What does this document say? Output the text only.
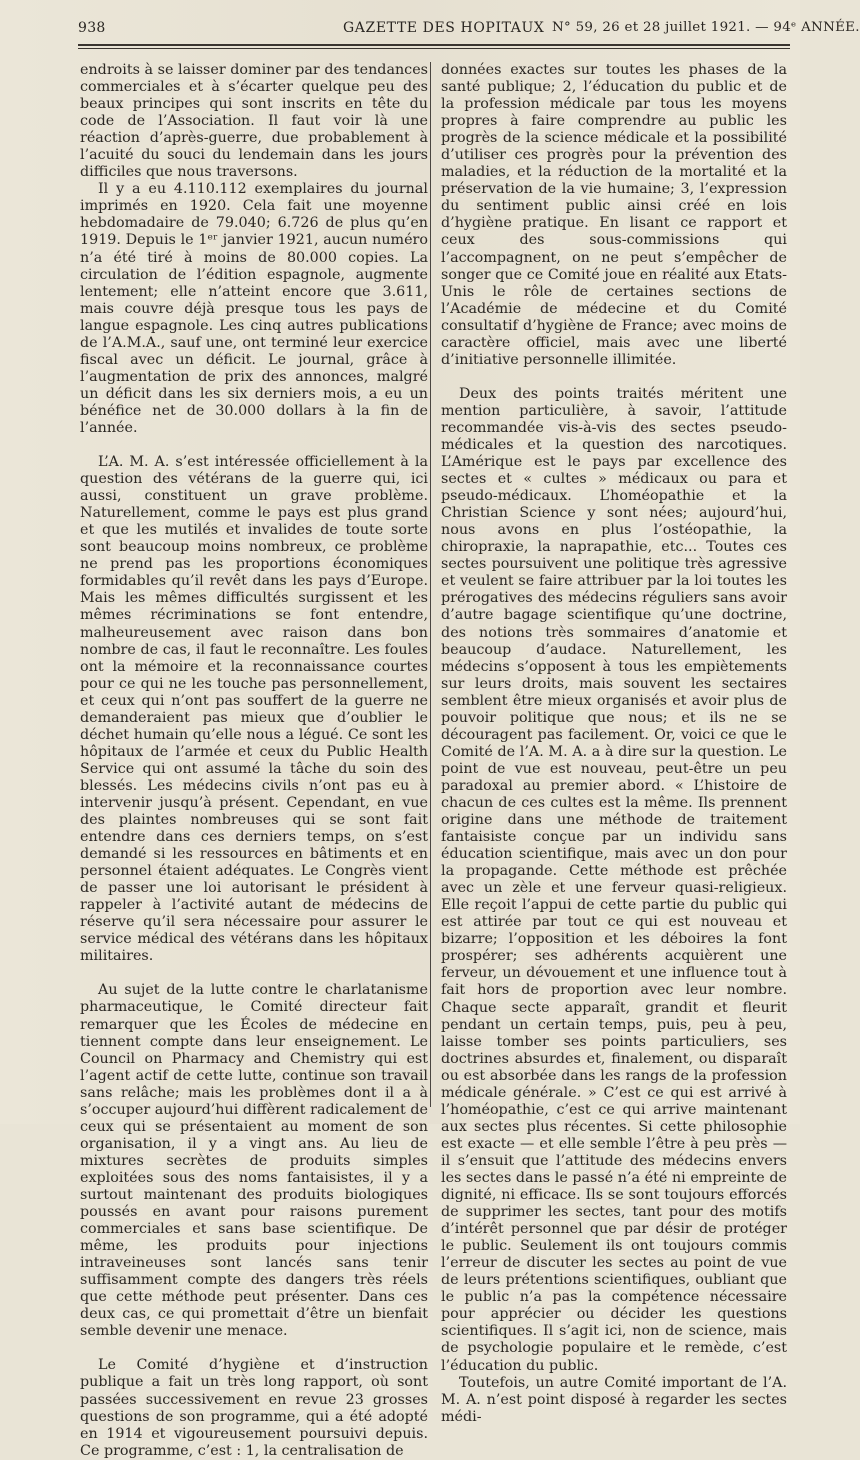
938	GAZETTE DES HOPITAUX N° 59, 26 et 28 juillet 1921. — 94ᵉ ANNÉE.

endroits à se laisser dominer par des tendances commerciales et à s’écarter quelque peu des beaux principes qui sont inscrits en tête du code de l’Association. Il faut voir là une réaction d’après-guerre, due probablement à l’acuité du souci du lendemain dans les jours difficiles que nous traversons.

Il y a eu 4.110.112 exemplaires du journal imprimés en 1920. Cela fait une moyenne hebdomadaire de 79.040; 6.726 de plus qu’en 1919. Depuis le 1ᵉʳ janvier 1921, aucun numéro n’a été tiré à moins de 80.000 copies. La circulation de l’édition espagnole, augmente lentement; elle n’atteint encore que 3.611, mais couvre déjà presque tous les pays de langue espagnole. Les cinq autres publications de l’A.M.A., sauf une, ont terminé leur exercice fiscal avec un déficit. Le journal, grâce à l’augmentation de prix des annonces, malgré un déficit dans les six derniers mois, a eu un bénéfice net de 30.000 dollars à la fin de l’année.

L’A. M. A. s’est intéressée officiellement à la question des vétérans de la guerre qui, ici aussi, constituent un grave problème. Naturellement, comme le pays est plus grand et que les mutilés et invalides de toute sorte sont beaucoup moins nombreux, ce problème ne prend pas les proportions économiques formidables qu’il revêt dans les pays d’Europe. Mais les mêmes difficultés surgissent et les mêmes récriminations se font entendre, malheureusement avec raison dans bon nombre de cas, il faut le reconnaître. Les foules ont la mémoire et la reconnaissance courtes pour ce qui ne les touche pas personnellement, et ceux qui n’ont pas souffert de la guerre ne demanderaient pas mieux que d’oublier le déchet humain qu’elle nous a légué. Ce sont les hôpitaux de l’armée et ceux du Public Health Service qui ont assumé la tâche du soin des blessés. Les médecins civils n’ont pas eu à intervenir jusqu’à présent. Cependant, en vue des plaintes nombreuses qui se sont fait entendre dans ces derniers temps, on s’est demandé si les ressources en bâtiments et en personnel étaient adéquates. Le Congrès vient de passer une loi autorisant le président à rappeler à l’activité autant de médecins de réserve qu’il sera nécessaire pour assurer le service médical des vétérans dans les hôpitaux militaires.

Au sujet de la lutte contre le charlatanisme pharmaceutique, le Comité directeur fait remarquer que les Écoles de médecine en tiennent compte dans leur enseignement. Le Council on Pharmacy and Chemistry qui est l’agent actif de cette lutte, continue son travail sans relâche; mais les problèmes dont il a à s’occuper aujourd’hui diffèrent radicalement de ceux qui se présentaient au moment de son organisation, il y a vingt ans. Au lieu de mixtures secrètes de produits simples exploitées sous des noms fantaisistes, il y a surtout maintenant des produits biologiques poussés en avant pour raisons purement commerciales et sans base scientifique. De même, les produits pour injections intraveineuses sont lancés sans tenir suffisamment compte des dangers très réels que cette méthode peut présenter. Dans ces deux cas, ce qui promettait d’être un bienfait semble devenir une menace.

Le Comité d’hygiène et d’instruction publique a fait un très long rapport, où sont passées successivement en revue 23 grosses questions de son programme, qui a été adopté en 1914 et vigoureusement poursuivi depuis. Ce programme, c’est : 1, la centralisation de

données exactes sur toutes les phases de la santé publique; 2, l’éducation du public et de la profession médicale par tous les moyens propres à faire comprendre au public les progrès de la science médicale et la possibilité d’utiliser ces progrès pour la prévention des maladies, et la réduction de la mortalité et la préservation de la vie humaine; 3, l’expression du sentiment public ainsi créé en lois d’hygiène pratique. En lisant ce rapport et ceux des sous-commissions qui l’accompagnent, on ne peut s’empêcher de songer que ce Comité joue en réalité aux Etats-Unis le rôle de certaines sections de l’Académie de médecine et du Comité consultatif d’hygiène de France; avec moins de caractère officiel, mais avec une liberté d’initiative personnelle illimitée.

Deux des points traités méritent une mention particulière, à savoir, l’attitude recommandée vis-à-vis des sectes pseudo-médicales et la question des narcotiques. L’Amérique est le pays par excellence des sectes et « cultes » médicaux ou para et pseudo-médicaux. L’homéopathie et la Christian Science y sont nées; aujourd’hui, nous avons en plus l’ostéopathie, la chiropraxie, la naprapathie, etc... Toutes ces sectes poursuivent une politique très agressive et veulent se faire attribuer par la loi toutes les prérogatives des médecins réguliers sans avoir d’autre bagage scientifique qu’une doctrine, des notions très sommaires d’anatomie et beaucoup d’audace. Naturellement, les médecins s’opposent à tous les empiètements sur leurs droits, mais souvent les sectaires semblent être mieux organisés et avoir plus de pouvoir politique que nous; et ils ne se découragent pas facilement. Or, voici ce que le Comité de l’A. M. A. a à dire sur la question. Le point de vue est nouveau, peut-être un peu paradoxal au premier abord. « L’histoire de chacun de ces cultes est la même. Ils prennent origine dans une méthode de traitement fantaisiste conçue par un individu sans éducation scientifique, mais avec un don pour la propagande. Cette méthode est prêchée avec un zèle et une ferveur quasi-religieux. Elle reçoit l’appui de cette partie du public qui est attirée par tout ce qui est nouveau et bizarre; l’opposition et les déboires la font prospérer; ses adhérents acquièrent une ferveur, un dévouement et une influence tout à fait hors de proportion avec leur nombre. Chaque secte apparaît, grandit et fleurit pendant un certain temps, puis, peu à peu, laisse tomber ses points particuliers, ses doctrines absurdes et, finalement, ou disparaît ou est absorbée dans les rangs de la profession médicale générale. » C’est ce qui est arrivé à l’homéopathie, c’est ce qui arrive maintenant aux sectes plus récentes. Si cette philosophie est exacte — et elle semble l’être à peu près — il s’ensuit que l’attitude des médecins envers les sectes dans le passé n’a été ni empreinte de dignité, ni efficace. Ils se sont toujours efforcés de supprimer les sectes, tant pour des motifs d’intérêt personnel que par désir de protéger le public. Seulement ils ont toujours commis l’erreur de discuter les sectes au point de vue de leurs prétentions scientifiques, oubliant que le public n’a pas la compétence nécessaire pour apprécier ou décider les questions scientifiques. Il s’agit ici, non de science, mais de psychologie populaire et le remède, c’est l’éducation du public.

Toutefois, un autre Comité important de l’A. M. A. n’est point disposé à regarder les sectes médi-
